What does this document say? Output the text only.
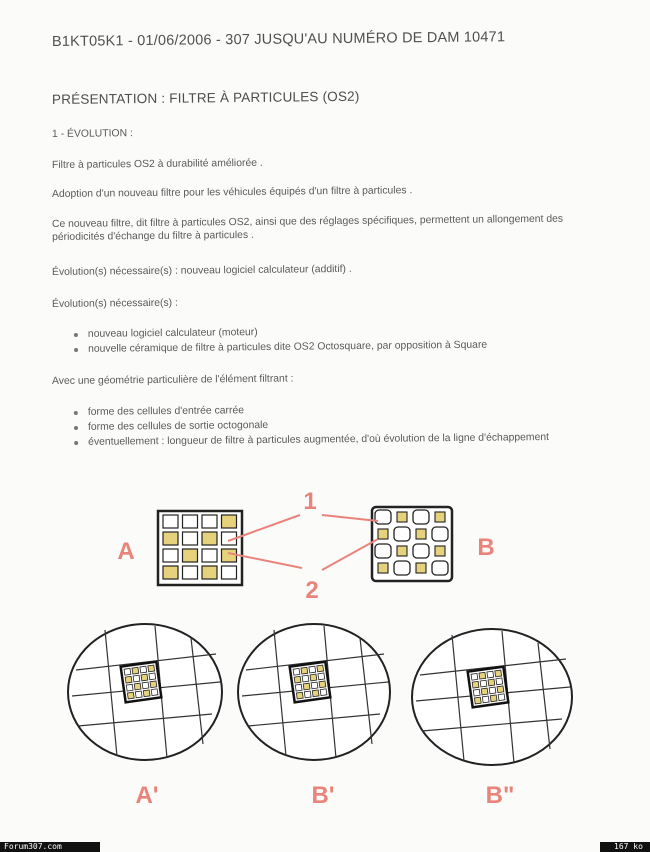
B1KT05K1 - 01/06/2006 - 307 JUSQU'AU NUMÉRO DE DAM 10471
PRÉSENTATION : FILTRE À PARTICULES (OS2)
1 - ÉVOLUTION :
Filtre à particules OS2 à durabilité améliorée .
Adoption d'un nouveau filtre pour les véhicules équipés d'un filtre à particules .
Ce nouveau filtre, dit filtre à particules OS2, ainsi que des réglages spécifiques, permettent un allongement des périodicités d'échange du filtre à particules .
Évolution(s) nécessaire(s) : nouveau logiciel calculateur (additif) .
Évolution(s) nécessaire(s) :
nouveau logiciel calculateur (moteur)
nouvelle céramique de filtre à particules dite OS2 Octosquare, par opposition à Square
Avec une géométrie particulière de l'élément filtrant :
forme des cellules d'entrée carrée
forme des cellules de sortie octogonale
éventuellement : longueur de filtre à particules augmentée, d'où évolution de la ligne d'échappement
A	B
1
2
A'	B'	B"
Forum307.com	167 ko
